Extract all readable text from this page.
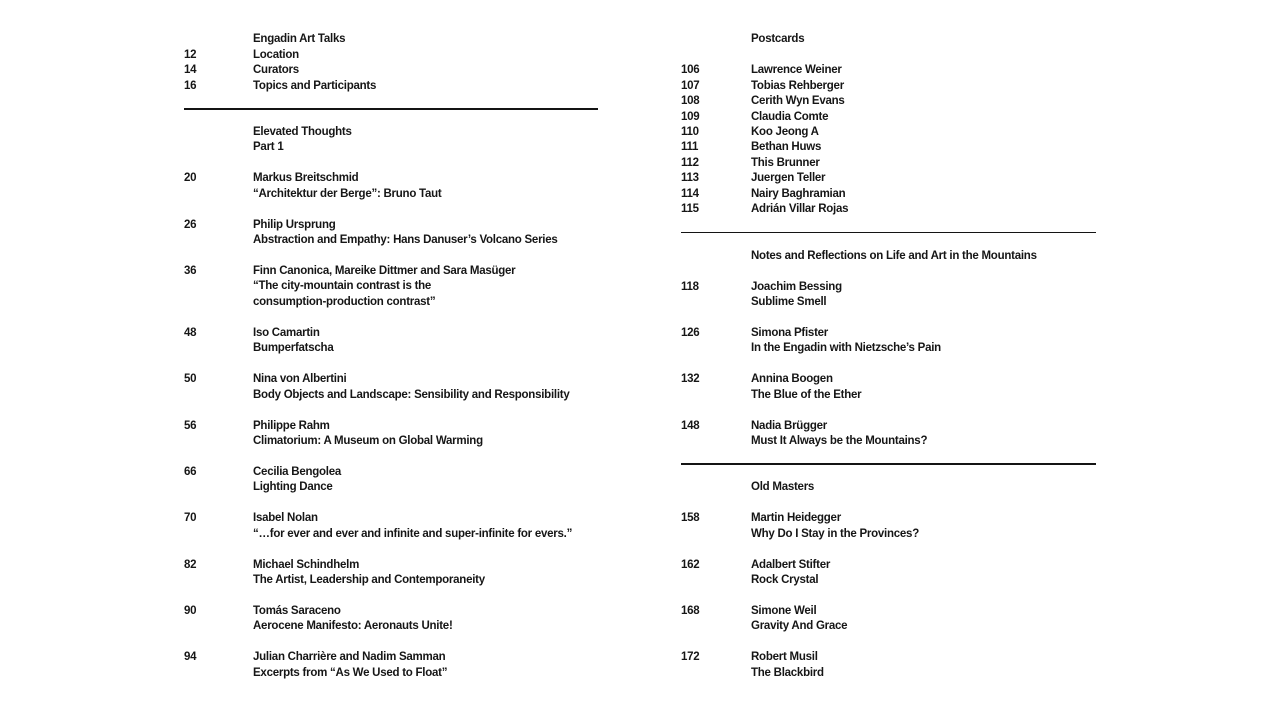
Engadin Art Talks
12	Location
14	Curators
16	Topics and Participants
Elevated Thoughts
Part 1
20	Markus Breitschmid
“Architektur der Berge”: Bruno Taut
26	Philip Ursprung
Abstraction and Empathy: Hans Danuser’s Volcano Series
36	Finn Canonica, Mareike Dittmer and Sara Masüger
“The city-mountain contrast is the
consumption-production contrast”
48	Iso Camartin
Bumperfatscha
50	Nina von Albertini
Body Objects and Landscape: Sensibility and Responsibility
56	Philippe Rahm
Climatorium: A Museum on Global Warming
66	Cecilia Bengolea
Lighting Dance
70	Isabel Nolan
“…for ever and ever and infinite and super-infinite for evers.”
82	Michael Schindhelm
The Artist, Leadership and Contemporaneity
90	Tomás Saraceno
Aerocene Manifesto: Aeronauts Unite!
94	Julian Charrière and Nadim Samman
Excerpts from “As We Used to Float”
Postcards
106	Lawrence Weiner
107	Tobias Rehberger
108	Cerith Wyn Evans
109	Claudia Comte
110	Koo Jeong A
111	Bethan Huws
112	This Brunner
113	Juergen Teller
114	Nairy Baghramian
115	Adrián Villar Rojas
Notes and Reflections on Life and Art in the Mountains
118	Joachim Bessing
Sublime Smell
126	Simona Pfister
In the Engadin with Nietzsche’s Pain
132	Annina Boogen
The Blue of the Ether
148	Nadia Brügger
Must It Always be the Mountains?
Old Masters
158	Martin Heidegger
Why Do I Stay in the Provinces?
162	Adalbert Stifter
Rock Crystal
168	Simone Weil
Gravity And Grace
172	Robert Musil
The Blackbird
